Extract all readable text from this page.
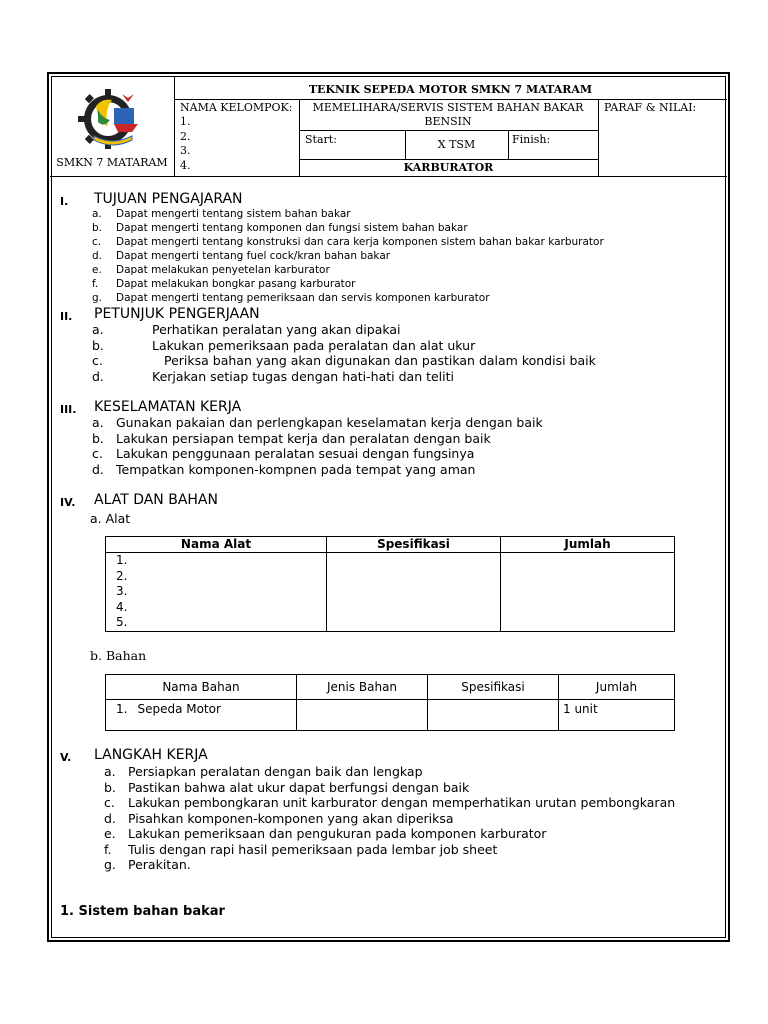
SMKN 7 MATARAM
TEKNIK SEPEDA MOTOR SMKN 7 MATARAM
NAMA KELOMPOK:
1.
2.
3.
4.
MEMELIHARA/SERVIS SISTEM BAHAN BAKAR BENSIN
Start:	X TSM	Finish:
KARBURATOR
PARAF & NILAI:
I. TUJUAN PENGAJARAN
a. Dapat mengerti tentang sistem bahan bakar
b. Dapat mengerti tentang komponen dan fungsi sistem bahan bakar
c. Dapat mengerti tentang konstruksi dan cara kerja komponen sistem bahan bakar karburator
d. Dapat mengerti tentang fuel cock/kran bahan bakar
e. Dapat melakukan penyetelan karburator
f. Dapat melakukan bongkar pasang karburator
g. Dapat mengerti tentang pemeriksaan dan servis komponen karburator
II. PETUNJUK PENGERJAAN
a.	Perhatikan peralatan yang akan dipakai
b.	Lakukan pemeriksaan pada peralatan dan alat ukur
c.	Periksa bahan yang akan digunakan dan pastikan dalam kondisi baik
d.	Kerjakan setiap tugas dengan hati-hati dan teliti
III. KESELAMATAN KERJA
a. Gunakan pakaian dan perlengkapan keselamatan kerja dengan baik
b. Lakukan persiapan tempat kerja dan peralatan dengan baik
c. Lakukan penggunaan peralatan sesuai dengan fungsinya
d. Tempatkan komponen-kompnen pada tempat yang aman
IV. ALAT DAN BAHAN
a. Alat
Nama Alat	Spesifikasi	Jumlah

1.
2.
3.
4.
5.		

b. Bahan
Nama Bahan	Jenis Bahan	Spesifikasi	Jumlah
1. Sepeda Motor			1 unit
V. LANGKAH KERJA
a. Persiapkan peralatan dengan baik dan lengkap
b. Pastikan bahwa alat ukur dapat berfungsi dengan baik
c. Lakukan pembongkaran unit karburator dengan memperhatikan urutan pembongkaran
d. Pisahkan komponen-komponen yang akan diperiksa
e. Lakukan pemeriksaan dan pengukuran pada komponen karburator
f. Tulis dengan rapi hasil pemeriksaan pada lembar job sheet
g. Perakitan.
1. Sistem bahan bakar
